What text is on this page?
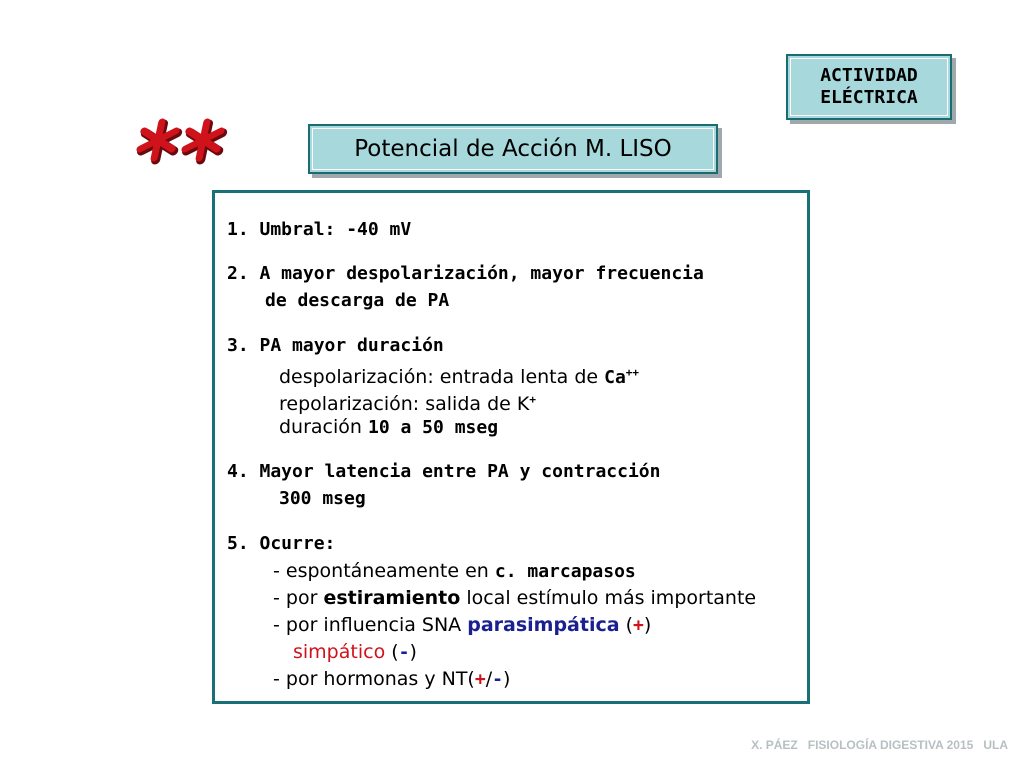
ACTIVIDAD
ELÉCTRICA
Potencial de Acción M. LISO
1. Umbral: -40 mV
2. A mayor despolarización, mayor frecuencia
de descarga de PA
3. PA mayor duración
despolarización: entrada lenta de Ca++
repolarización: salida de K+
duración 10 a 50 mseg
4. Mayor latencia entre PA y contracción
300 mseg
5. Ocurre:
- espontáneamente en c. marcapasos
- por estiramiento local estímulo más importante
- por influencia SNA parasimpática (+)
simpático (-)
- por hormonas y NT(+/-)
X. PÁEZ   FISIOLOGÍA DIGESTIVA 2015   ULA
